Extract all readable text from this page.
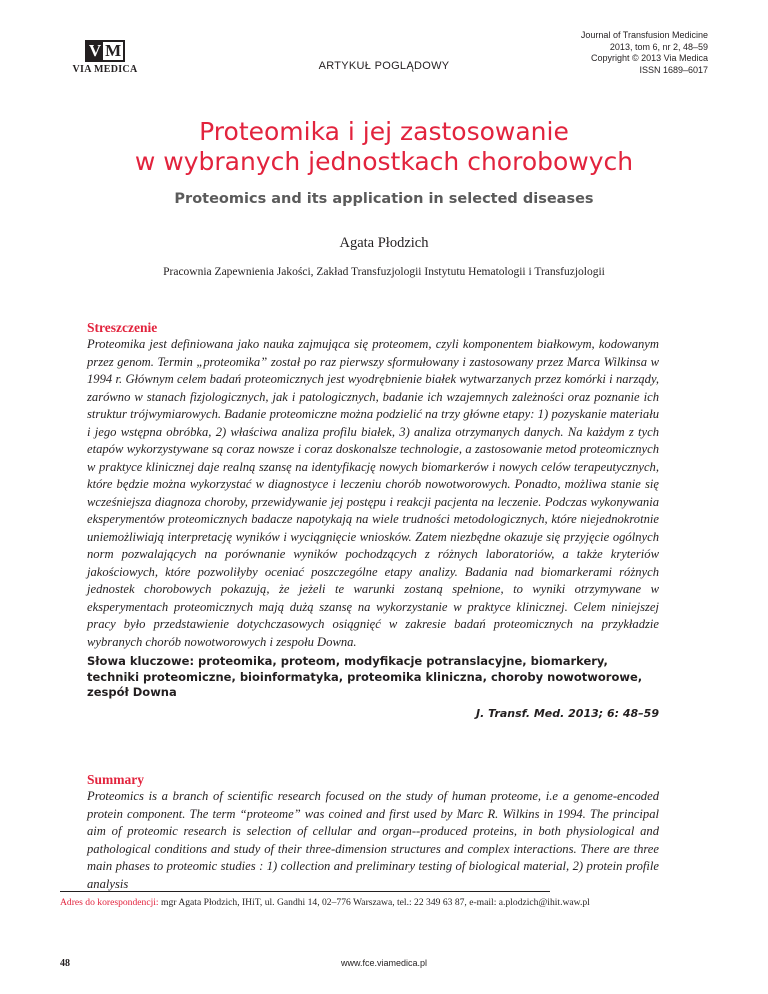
V M
VIA MEDICA	ARTYKUŁ POGLĄDOWY
Journal of Transfusion Medicine
2013, tom 6, nr 2, 48–59
Copyright © 2013 Via Medica
ISSN 1689–6017
Proteomika i jej zastosowanie
w wybranych jednostkach chorobowych
Proteomics and its application in selected diseases
Agata Płodzich
Pracownia Zapewnienia Jakości, Zakład Transfuzjologii Instytutu Hematologii i Transfuzjologii
Streszczenie

Proteomika jest definiowana jako nauka zajmująca się proteomem, czyli komponentem białkowym, kodowanym przez genom. Termin „proteomika” został po raz pierwszy sformułowany i zastosowany przez Marca Wilkinsa w 1994 r. Głównym celem badań proteomicznych jest wyodrębnienie białek wytwarzanych przez komórki i narządy, zarówno w stanach fizjologicznych, jak i patologicznych, badanie ich wzajemnych zależności oraz poznanie ich struktur trójwymiarowych. Badanie proteomiczne można podzielić na trzy główne etapy: 1) pozyskanie materiału i jego wstępna obróbka, 2) właściwa analiza profilu białek, 3) analiza otrzymanych danych. Na każdym z tych etapów wykorzystywane są coraz nowsze i coraz doskonalsze technologie, a zastosowanie metod proteomicznych w praktyce klinicznej daje realną szansę na identyfikację nowych biomarkerów i nowych celów terapeutycznych, które będzie można wykorzystać w diagnostyce i leczeniu chorób nowotworowych. Ponadto, możliwa stanie się wcześniejsza diagnoza choroby, przewidywanie jej postępu i reakcji pacjenta na leczenie. Podczas wykonywania eksperymentów proteomicznych badacze napotykają na wiele trudności metodologicznych, które niejednokrotnie uniemożliwiają interpretację wyników i wyciągnięcie wniosków. Zatem niezbędne okazuje się przyjęcie ogólnych norm pozwalających na porównanie wyników pochodzących z różnych laboratoriów, a także kryteriów jakościowych, które pozwoliłyby oceniać poszczególne etapy analizy. Badania nad biomarkerami różnych jednostek chorobowych pokazują, że jeżeli te warunki zostaną spełnione, to wyniki otrzymywane w eksperymentach proteomicznych mają dużą szansę na wykorzystanie w praktyce klinicznej. Celem niniejszej pracy było przedstawienie dotychczasowych osiągnięć w zakresie badań proteomicznych na przykładzie wybranych chorób nowotworowych i zespołu Downa.

Słowa kluczowe: proteomika, proteom, modyfikacje potranslacyjne, biomarkery, techniki proteomiczne, bioinformatyka, proteomika kliniczna, choroby nowotworowe, zespół Downa

J. Transf. Med. 2013; 6: 48–59
Summary

Proteomics is a branch of scientific research focused on the study of human proteome, i.e a genome-encoded protein component. The term “proteome” was coined and first used by Marc R. Wilkins in 1994. The principal aim of proteomic research is selection of cellular and organ--produced proteins, in both physiological and pathological conditions and study of their three-dimension structures and complex interactions. There are three main phases to proteomic studies : 1) collection and preliminary testing of biological material, 2) protein profile analysis

Adres do korespondencji: mgr Agata Płodzich, IHiT, ul. Gandhi 14, 02–776 Warszawa, tel.: 22 349 63 87, e-mail: a.plodzich@ihit.waw.pl
48	www.fce.viamedica.pl
